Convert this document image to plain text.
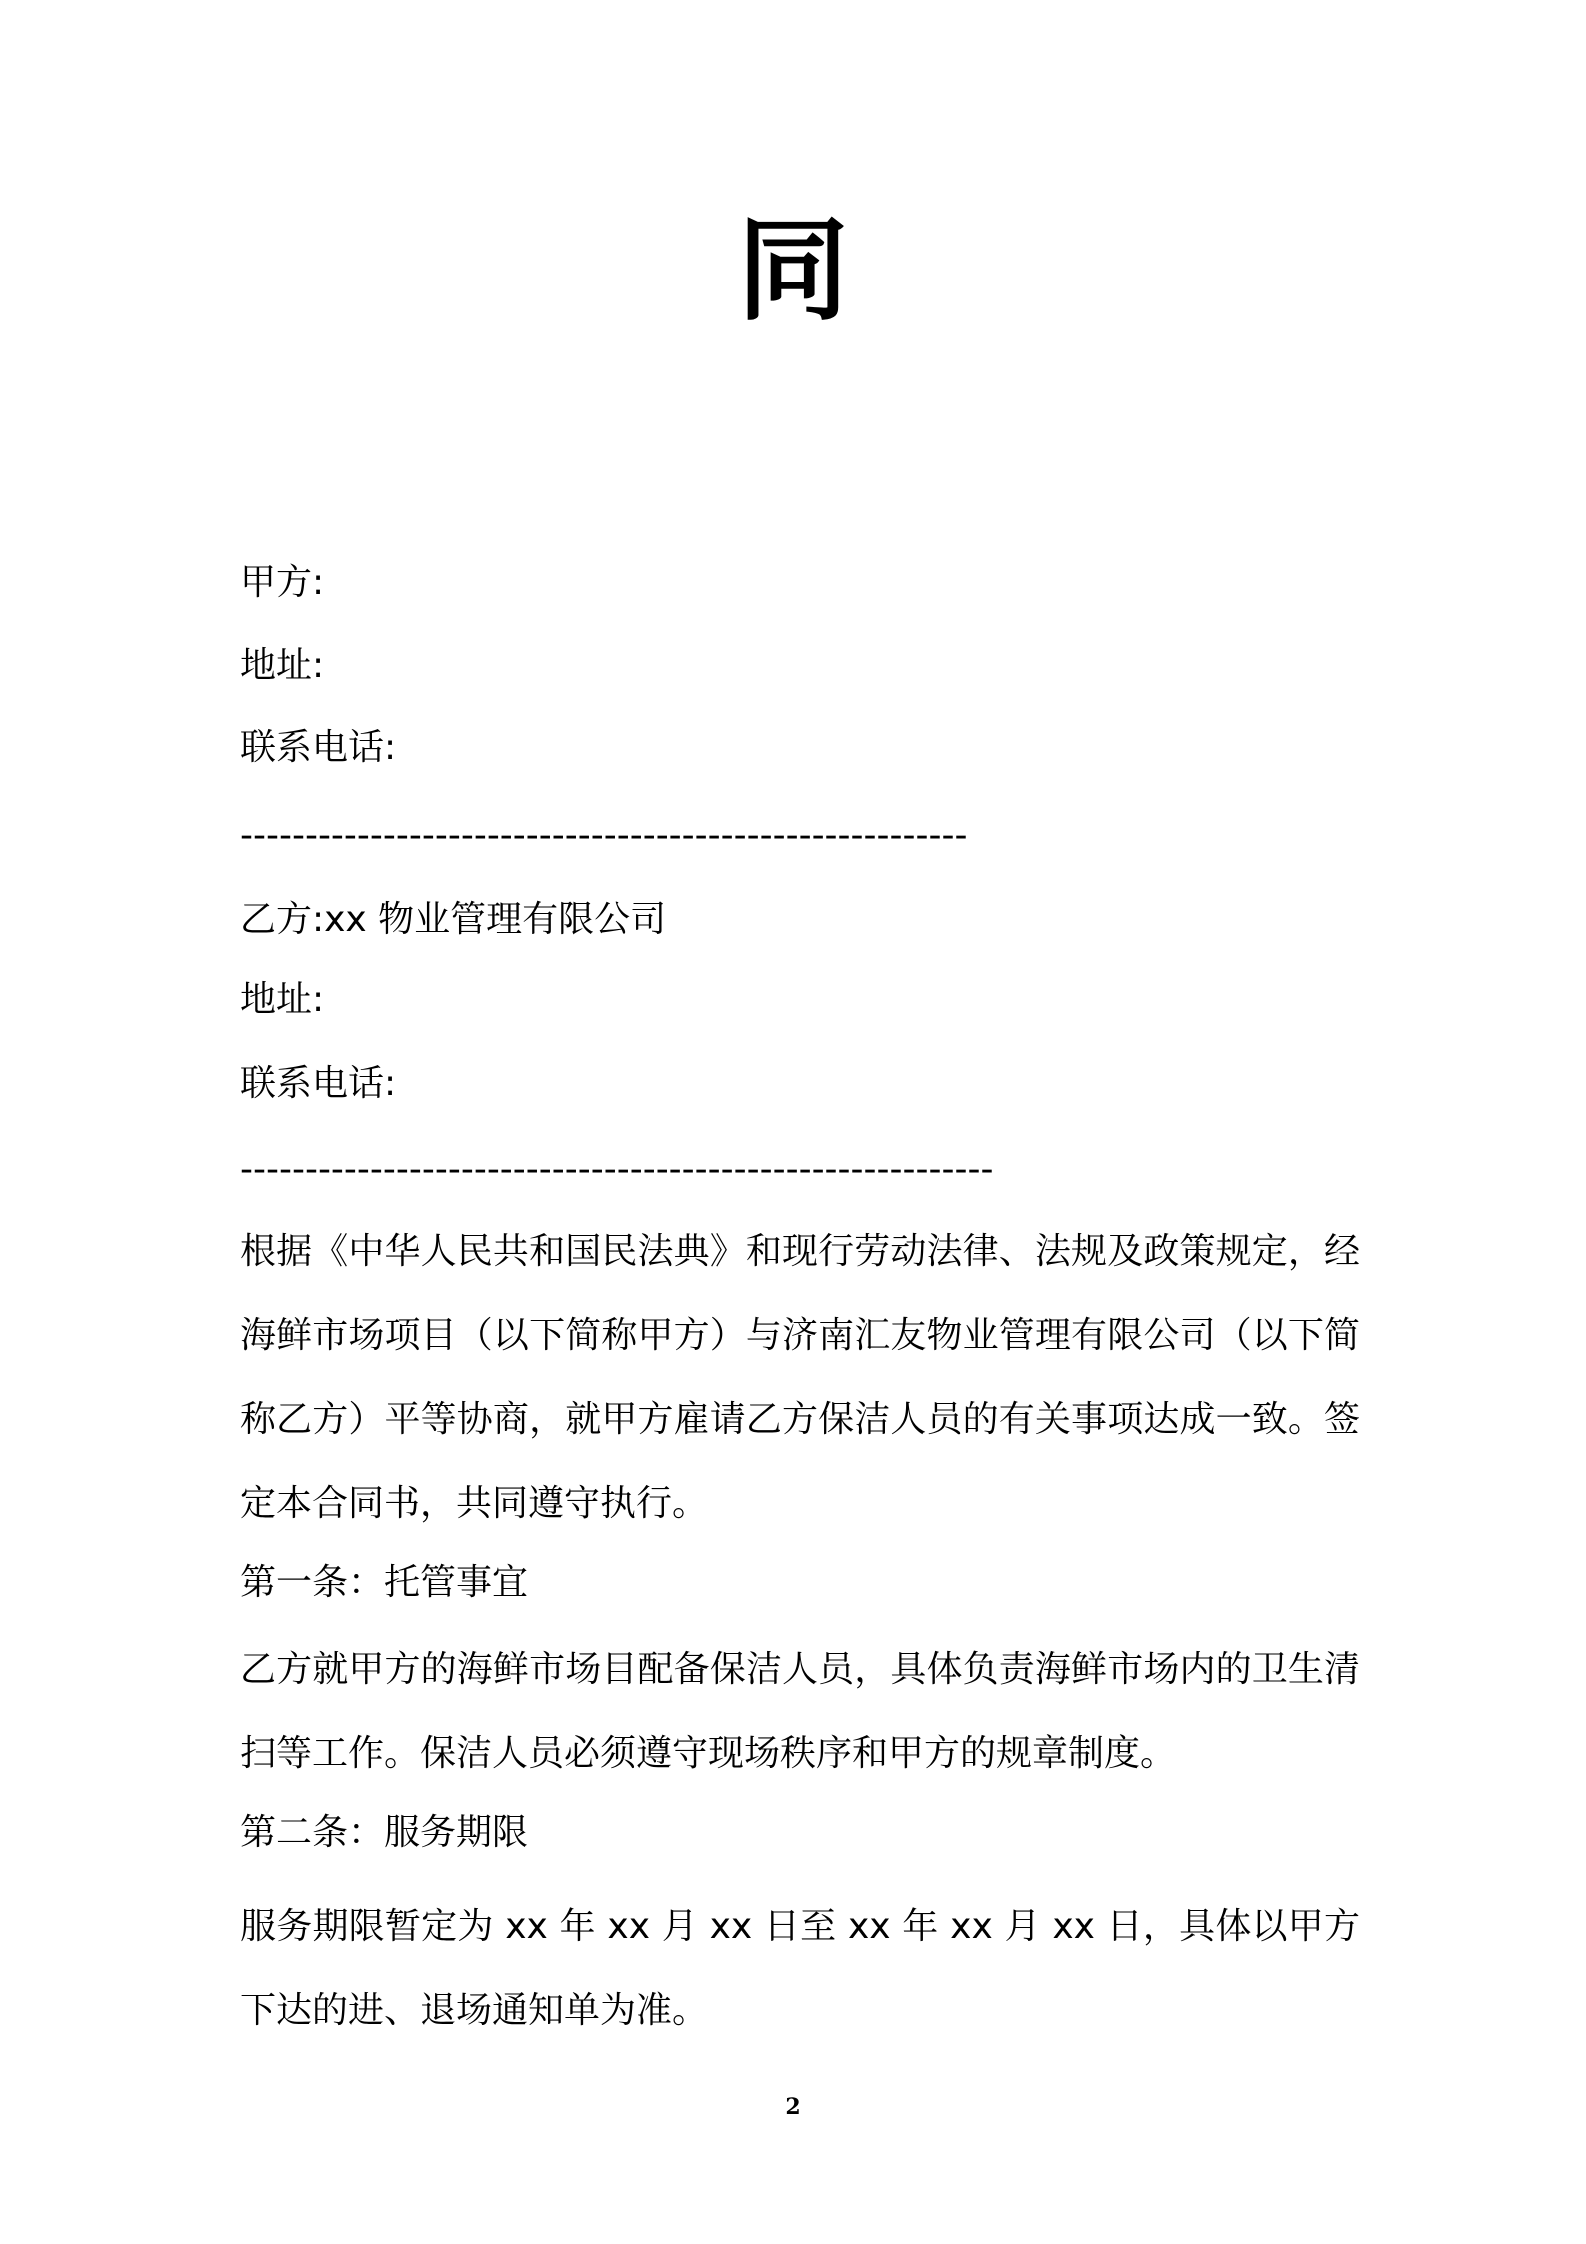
同
甲方:
地址:
联系电话:
--------------------------------------------------------
乙方:xx 物业管理有限公司
地址:
联系电话:
----------------------------------------------------------
根据《中华人民共和国民法典》和现行劳动法律、法规及政策规定，经海鲜市场项目（以下简称甲方）与济南汇友物业管理有限公司（以下简称乙方）平等协商，就甲方雇请乙方保洁人员的有关事项达成一致。签定本合同书，共同遵守执行。
第一条：托管事宜
乙方就甲方的海鲜市场目配备保洁人员，具体负责海鲜市场内的卫生清扫等工作。保洁人员必须遵守现场秩序和甲方的规章制度。
第二条：服务期限
服务期限暂定为 xx 年 xx 月 xx 日至 xx 年 xx 月 xx 日，具体以甲方下达的进、退场通知单为准。
2
